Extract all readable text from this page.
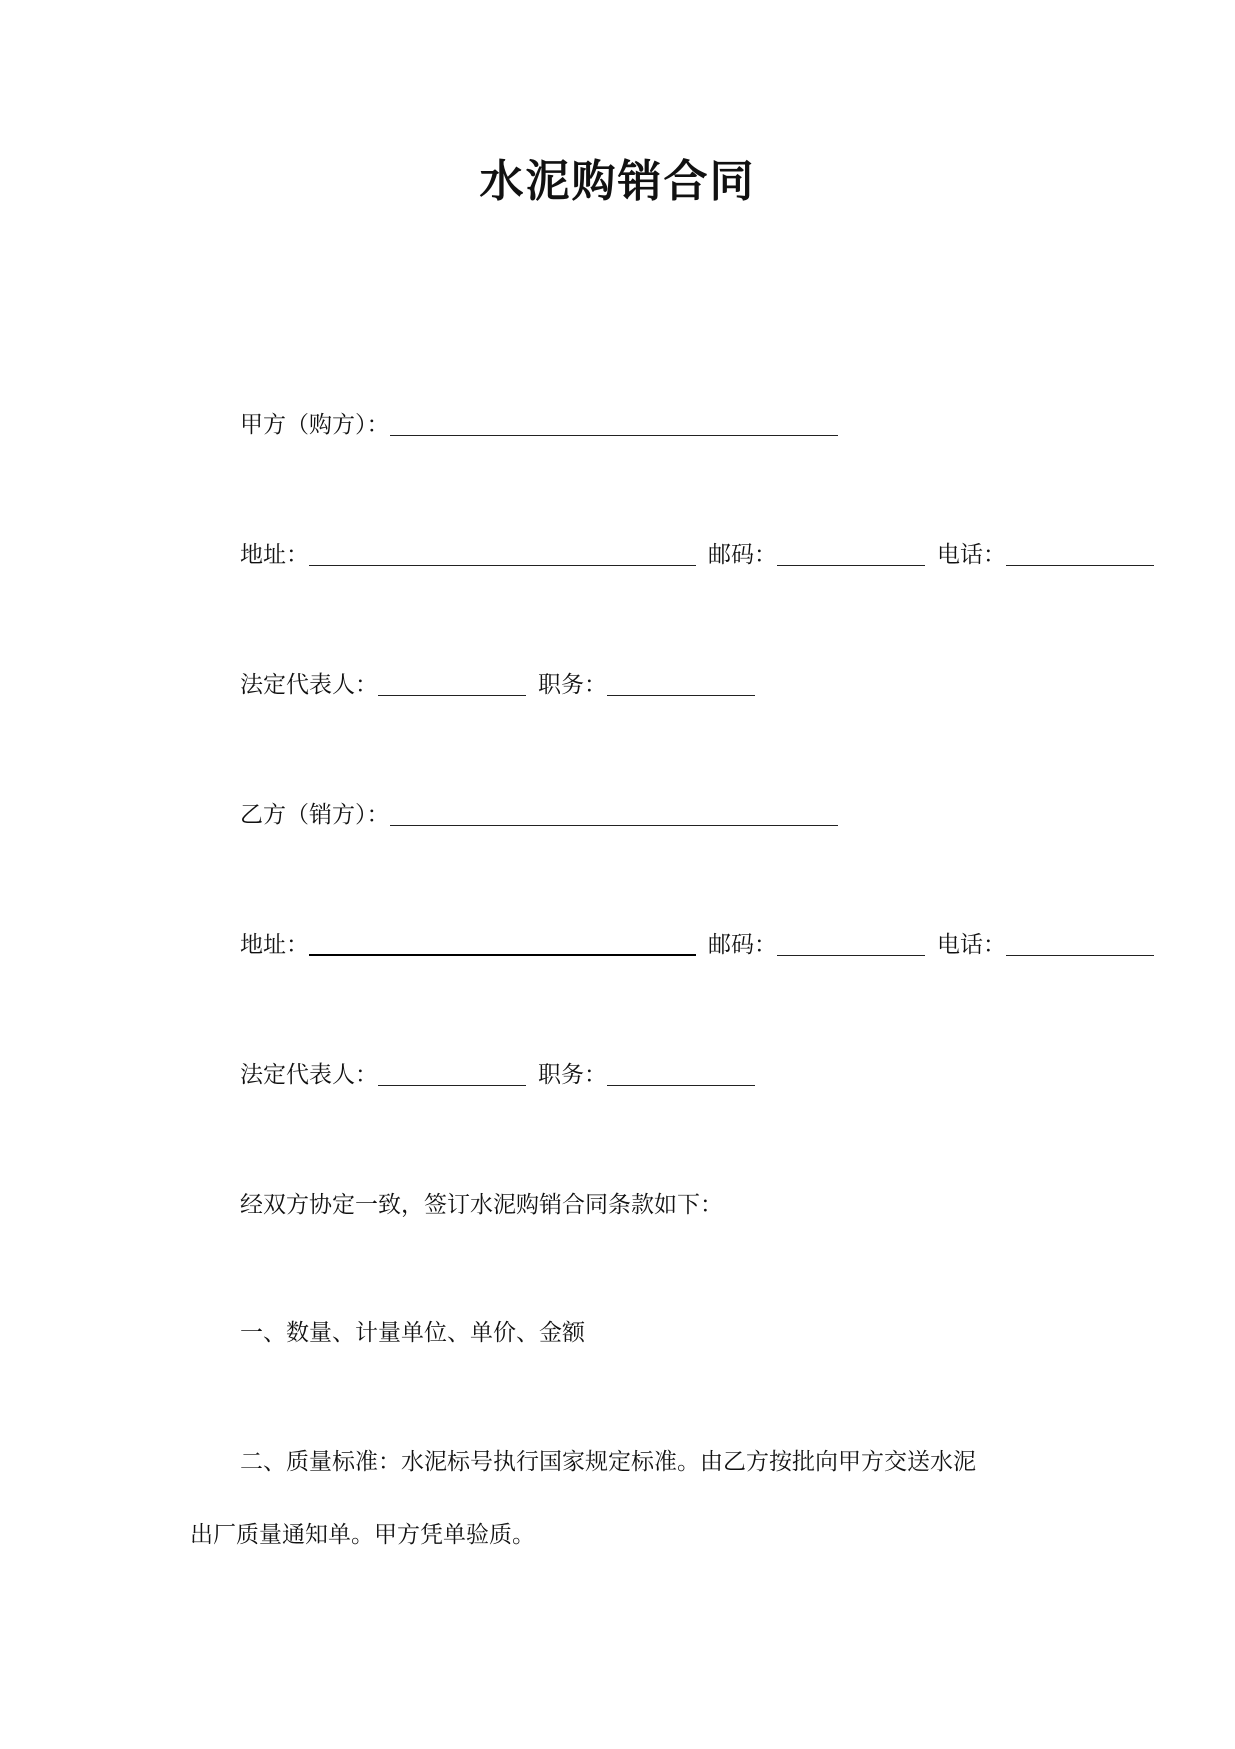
水泥购销合同
甲方（购方）：
地址：	邮码：	电话：
法定代表人：	职务：
乙方（销方）：
地址：	邮码：	电话：
法定代表人：	职务：
经双方协定一致，签订水泥购销合同条款如下：
一、数量、计量单位、单价、金额
二、质量标准：水泥标号执行国家规定标准。由乙方按批向甲方交送水泥
出厂质量通知单。甲方凭单验质。
